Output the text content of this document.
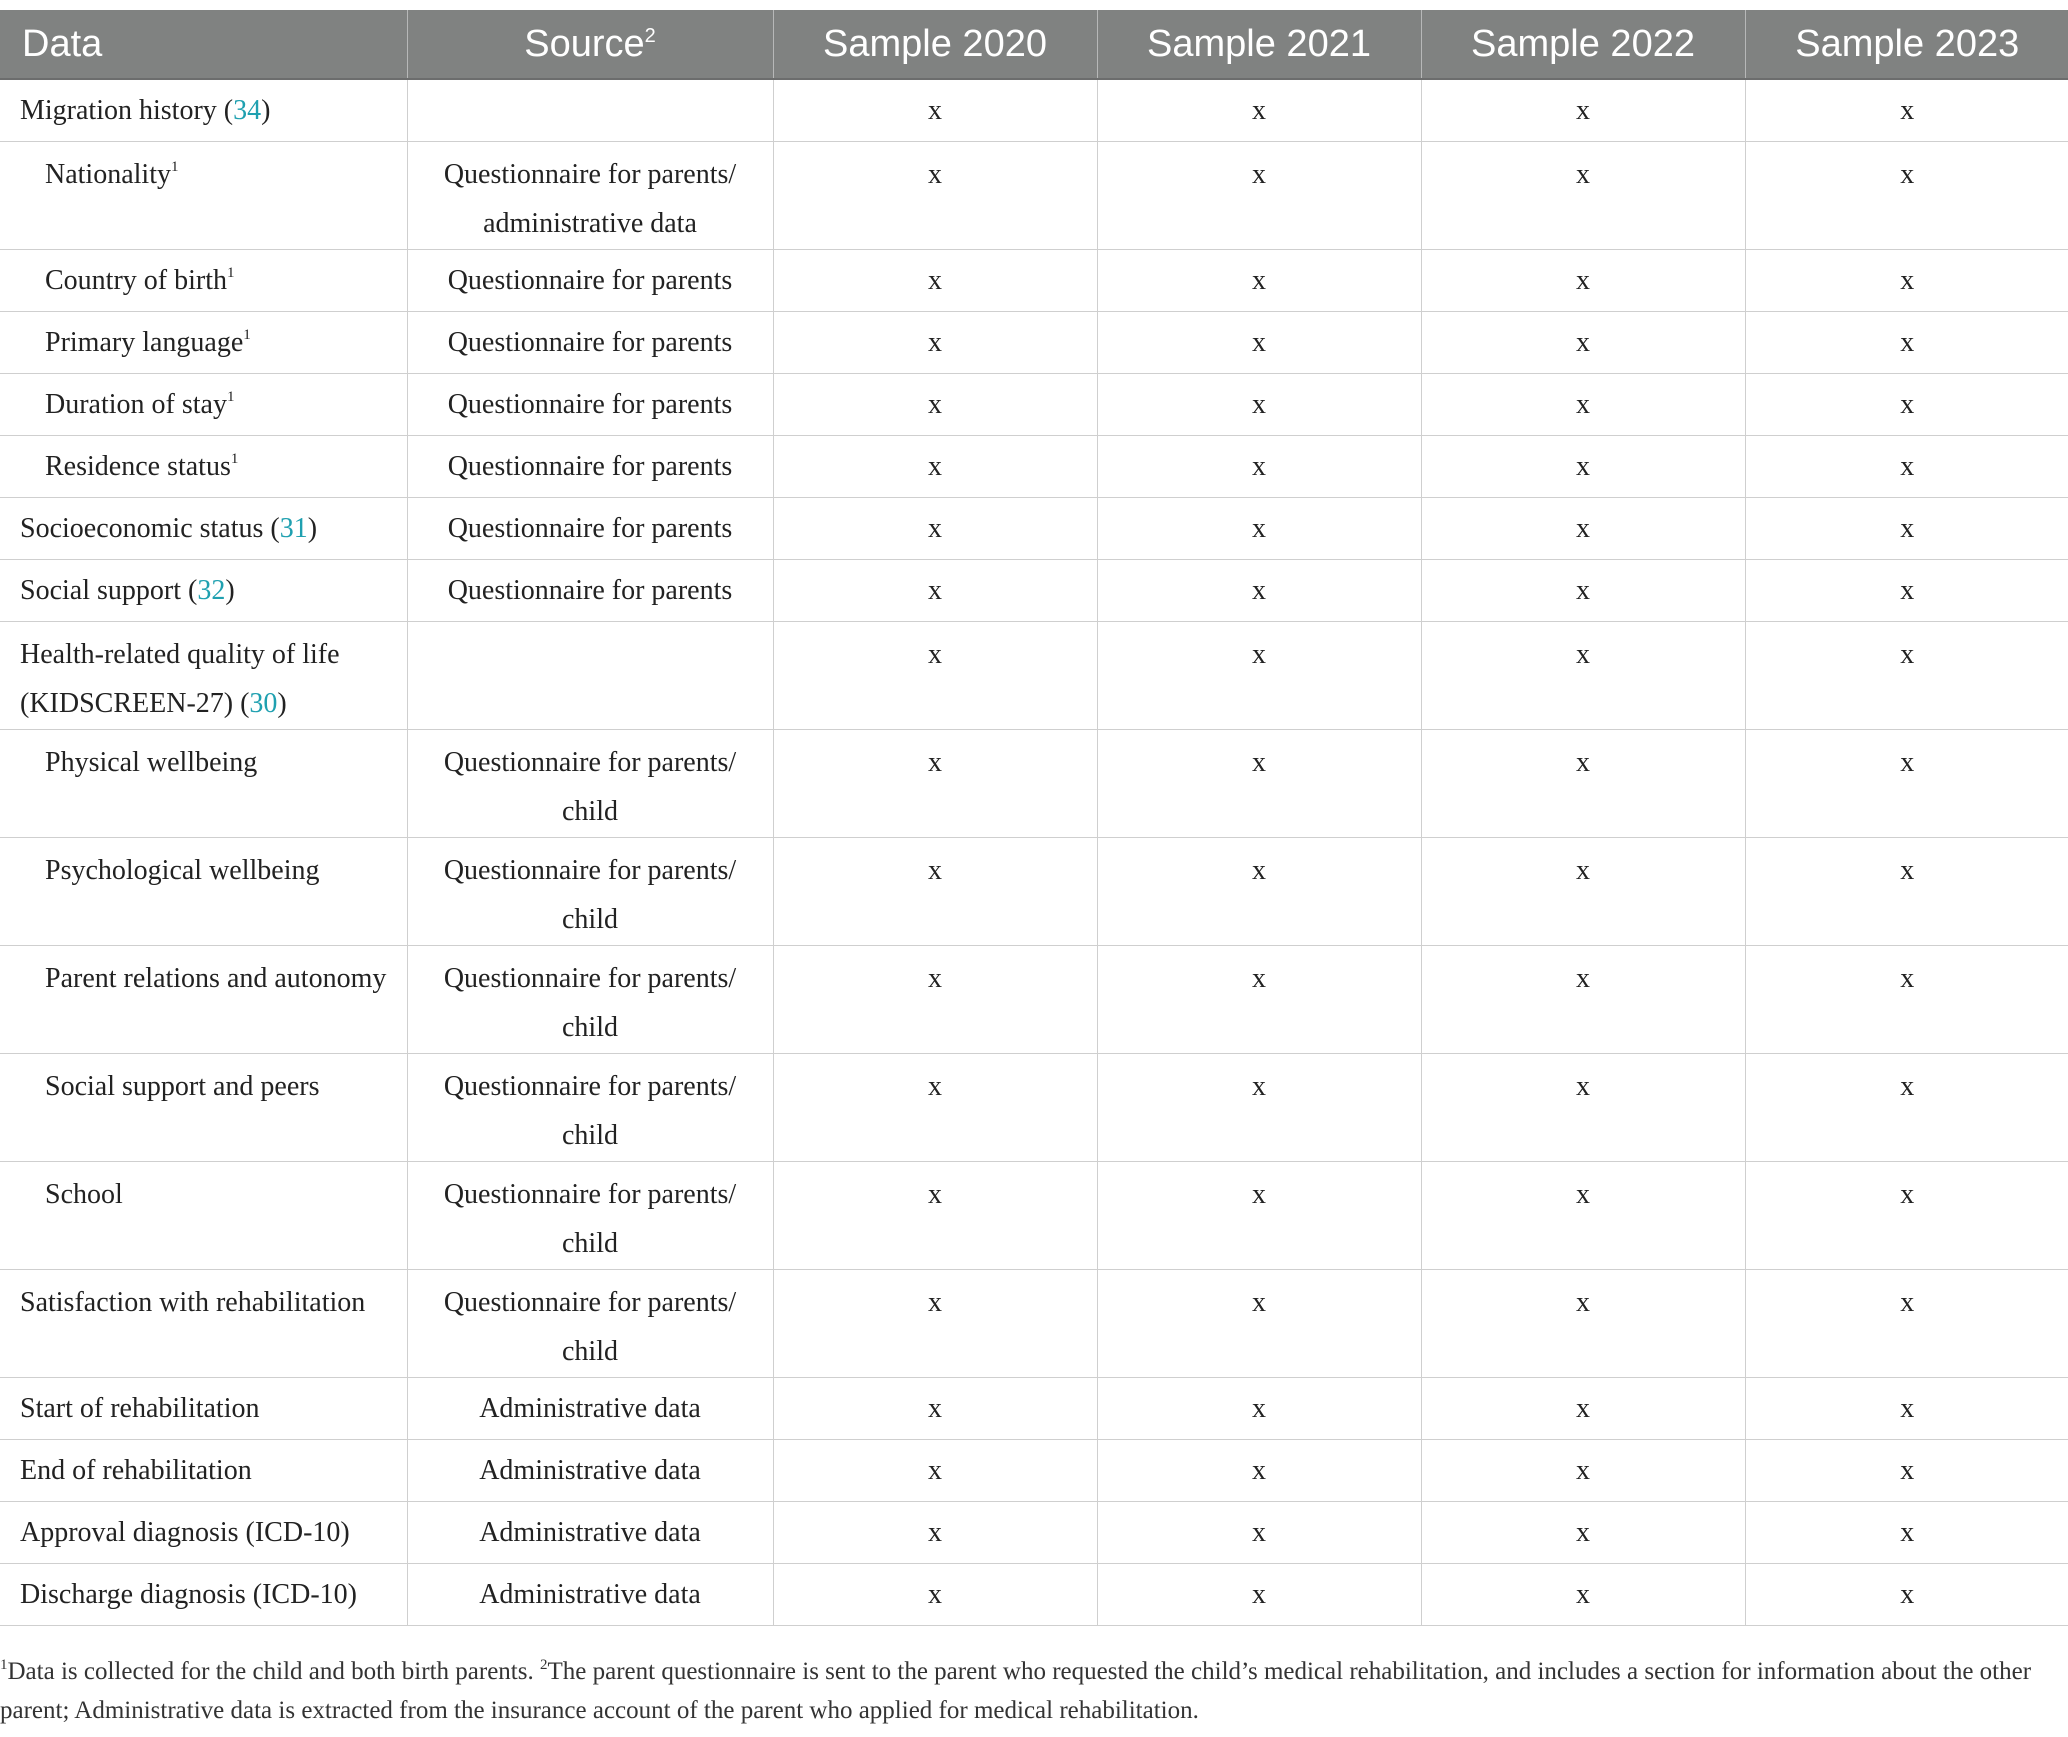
Data	Source$^2$	Sample 2020	Sample 2021	Sample 2022	Sample 2023
Migration history (34)		x	x	x	x
Nationality$^1$	Questionnaire for parents/ administrative data	x	x	x	x
Country of birth$^1$	Questionnaire for parents	x	x	x	x
Primary language$^1$	Questionnaire for parents	x	x	x	x
Duration of stay$^1$	Questionnaire for parents	x	x	x	x
Residence status$^1$	Questionnaire for parents	x	x	x	x
Socioeconomic status (31)	Questionnaire for parents	x	x	x	x
Social support (32)	Questionnaire for parents	x	x	x	x
Health-related quality of life (KIDSCREEN-27) (30)		x	x	x	x
Physical wellbeing	Questionnaire for parents/ child	x	x	x	x
Psychological wellbeing	Questionnaire for parents/ child	x	x	x	x
Parent relations and autonomy	Questionnaire for parents/ child	x	x	x	x
Social support and peers	Questionnaire for parents/ child	x	x	x	x
School	Questionnaire for parents/ child	x	x	x	x
Satisfaction with rehabilitation	Questionnaire for parents/ child	x	x	x	x
Start of rehabilitation	Administrative data	x	x	x	x
End of rehabilitation	Administrative data	x	x	x	x
Approval diagnosis (ICD-10)	Administrative data	x	x	x	x
Discharge diagnosis (ICD-10)	Administrative data	x	x	x	x
$^1$Data is collected for the child and both birth parents. $^2$The parent questionnaire is sent to the parent who requested the child’s medical rehabilitation, and includes a section for information about the other parent; Administrative data is extracted from the insurance account of the parent who applied for medical rehabilitation.
